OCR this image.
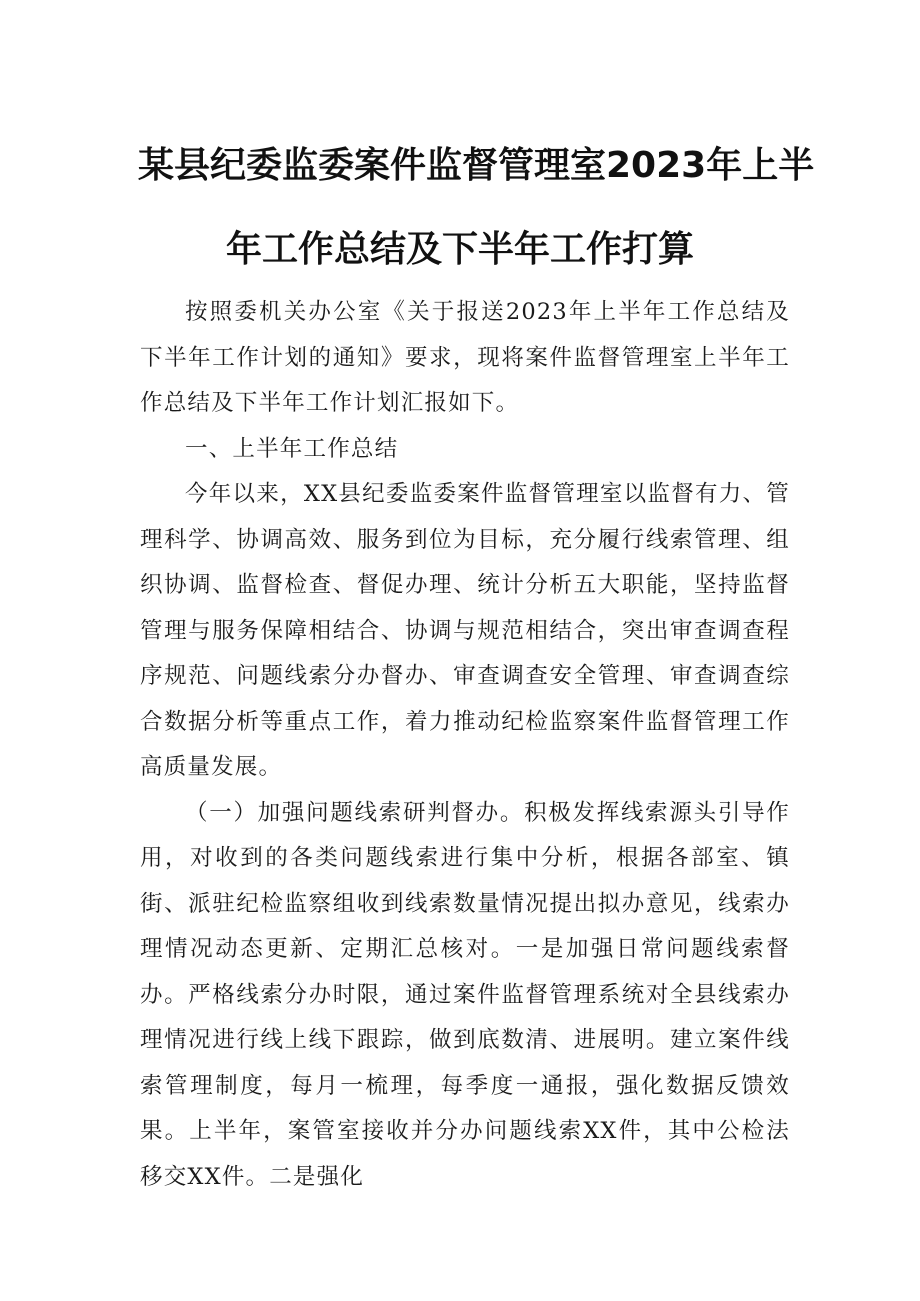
某县纪委监委案件监督管理室2023年上半
年工作总结及下半年工作打算

按照委机关办公室《关于报送2023年上半年工作总结及下半年工作计划的通知》要求，现将案件监督管理室上半年工作总结及下半年工作计划汇报如下。

一、上半年工作总结

今年以来，XX县纪委监委案件监督管理室以监督有力、管理科学、协调高效、服务到位为目标，充分履行线索管理、组织协调、监督检查、督促办理、统计分析五大职能，坚持监督管理与服务保障相结合、协调与规范相结合，突出审查调查程序规范、问题线索分办督办、审查调查安全管理、审查调查综合数据分析等重点工作，着力推动纪检监察案件监督管理工作高质量发展。

（一）加强问题线索研判督办。积极发挥线索源头引导作用，对收到的各类问题线索进行集中分析，根据各部室、镇街、派驻纪检监察组收到线索数量情况提出拟办意见，线索办理情况动态更新、定期汇总核对。一是加强日常问题线索督办。严格线索分办时限，通过案件监督管理系统对全县线索办理情况进行线上线下跟踪，做到底数清、进展明。建立案件线索管理制度，每月一梳理，每季度一通报，强化数据反馈效果。上半年，案管室接收并分办问题线索XX件，其中公检法移交XX件。二是强化
